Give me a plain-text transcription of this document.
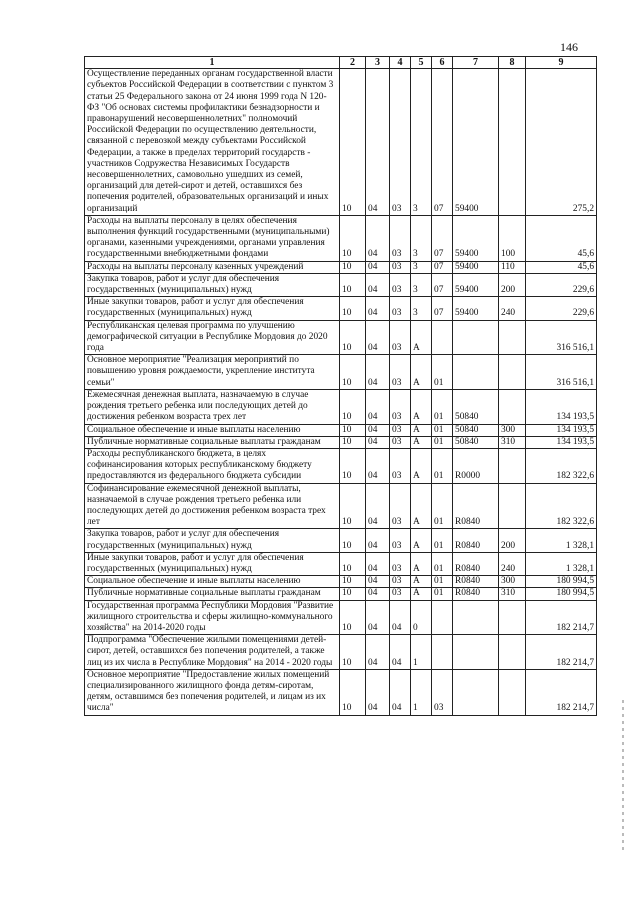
146
1	2	3	4	5	6	7	8	9
Осуществление переданных органам государственной власти субъектов Российской Федерации в соответствии с пунктом 3 статьи 25 Федерального закона от 24 июня 1999 года N 120-ФЗ "Об основах системы профилактики безнадзорности и правонарушений несовершеннолетних" полномочий Российской Федерации по осуществлению деятельности, связанной с перевозкой между субъектами Российской Федерации, а также в пределах территорий государств - участников Содружества Независимых Государств несовершеннолетних, самовольно ушедших из семей, организаций для детей-сирот и детей, оставшихся без попечения родителей, образовательных организаций и иных организаций	10	04	03	3	07	59400		275,2
Расходы на выплаты персоналу в целях обеспечения выполнения функций государственными (муниципальными) органами, казенными учреждениями, органами управления государственными внебюджетными фондами	10	04	03	3	07	59400	100	45,6
Расходы на выплаты персоналу казенных учреждений	10	04	03	3	07	59400	110	45,6
Закупка товаров, работ и услуг для обеспечения государственных (муниципальных) нужд	10	04	03	3	07	59400	200	229,6
Иные закупки товаров, работ и услуг для обеспечения государственных (муниципальных) нужд	10	04	03	3	07	59400	240	229,6
Республиканская целевая программа по улучшению демографической ситуации в Республике Мордовия до 2020 года	10	04	03	А				316 516,1
Основное мероприятие "Реализация мероприятий по повышению уровня рождаемости, укрепление института семьи"	10	04	03	А	01			316 516,1
Ежемесячная денежная выплата, назначаемую в случае рождения третьего ребенка или последующих детей до достижения ребенком возраста трех лет	10	04	03	А	01	50840		134 193,5
Социальное обеспечение и иные выплаты населению	10	04	03	А	01	50840	300	134 193,5
Публичные нормативные социальные выплаты гражданам	10	04	03	А	01	50840	310	134 193,5
Расходы республиканского бюджета, в целях софинансирования которых республиканскому бюджету предоставляются из федерального бюджета субсидии	10	04	03	А	01	R0000		182 322,6
Софинансирование ежемесячной денежной выплаты, назначаемой в случае рождения третьего ребенка или последующих детей до достижения ребенком возраста трех лет	10	04	03	А	01	R0840		182 322,6
Закупка товаров, работ и услуг для обеспечения государственных (муниципальных) нужд	10	04	03	А	01	R0840	200	1 328,1
Иные закупки товаров, работ и услуг для обеспечения государственных (муниципальных) нужд	10	04	03	А	01	R0840	240	1 328,1
Социальное обеспечение и иные выплаты населению	10	04	03	А	01	R0840	300	180 994,5
Публичные нормативные социальные выплаты гражданам	10	04	03	А	01	R0840	310	180 994,5
Государственная программа Республики Мордовия "Развитие жилищного строительства и сферы жилищно-коммунального хозяйства" на 2014-2020 годы	10	04	04	0				182 214,7
Подпрограмма "Обеспечение жилыми помещениями детей-сирот, детей, оставшихся без попечения родителей, а также лиц из их числа в Республике Мордовия" на 2014 - 2020 годы	10	04	04	1				182 214,7
Основное мероприятие "Предоставление жилых помещений специализированного жилищного фонда детям-сиротам, детям, оставшимся без попечения родителей, и лицам из их числа"	10	04	04	1	03			182 214,7
